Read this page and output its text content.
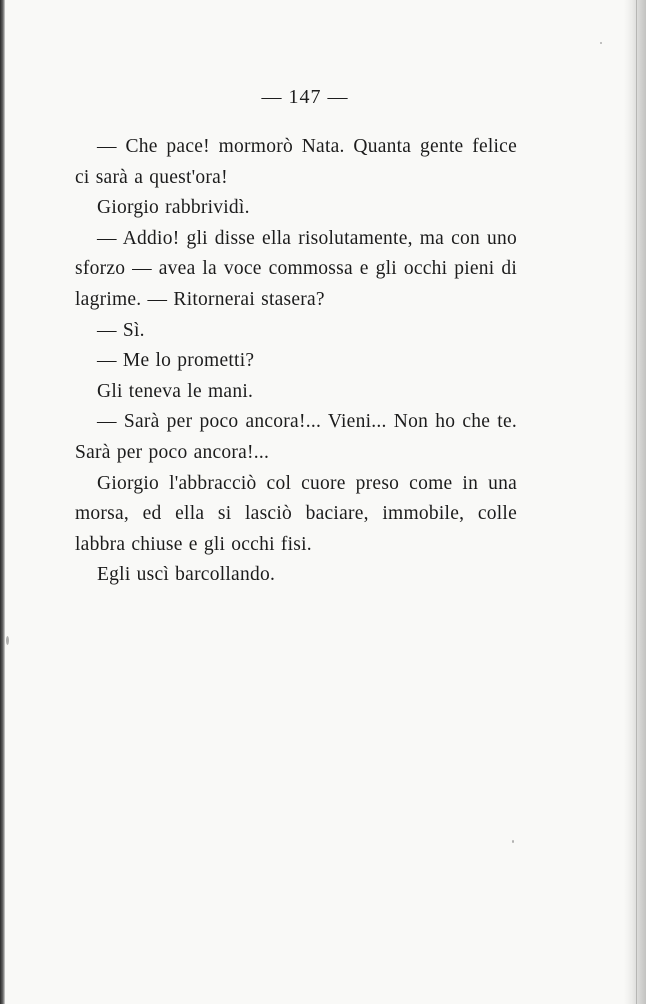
— 147 —

— Che pace! mormorò Nata. Quanta gente felice ci sarà a quest'ora!

Giorgio rabbrividì.

— Addio! gli disse ella risolutamente, ma con uno sforzo — avea la voce commossa e gli occhi pieni di lagrime. — Ritornerai stasera?

— Sì.

— Me lo prometti?

Gli teneva le mani.

— Sarà per poco ancora!... Vieni... Non ho che te. Sarà per poco ancora!...

Giorgio l'abbracciò col cuore preso come in una morsa, ed ella si lasciò baciare, immobile, colle labbra chiuse e gli occhi fisi.

Egli uscì barcollando.
